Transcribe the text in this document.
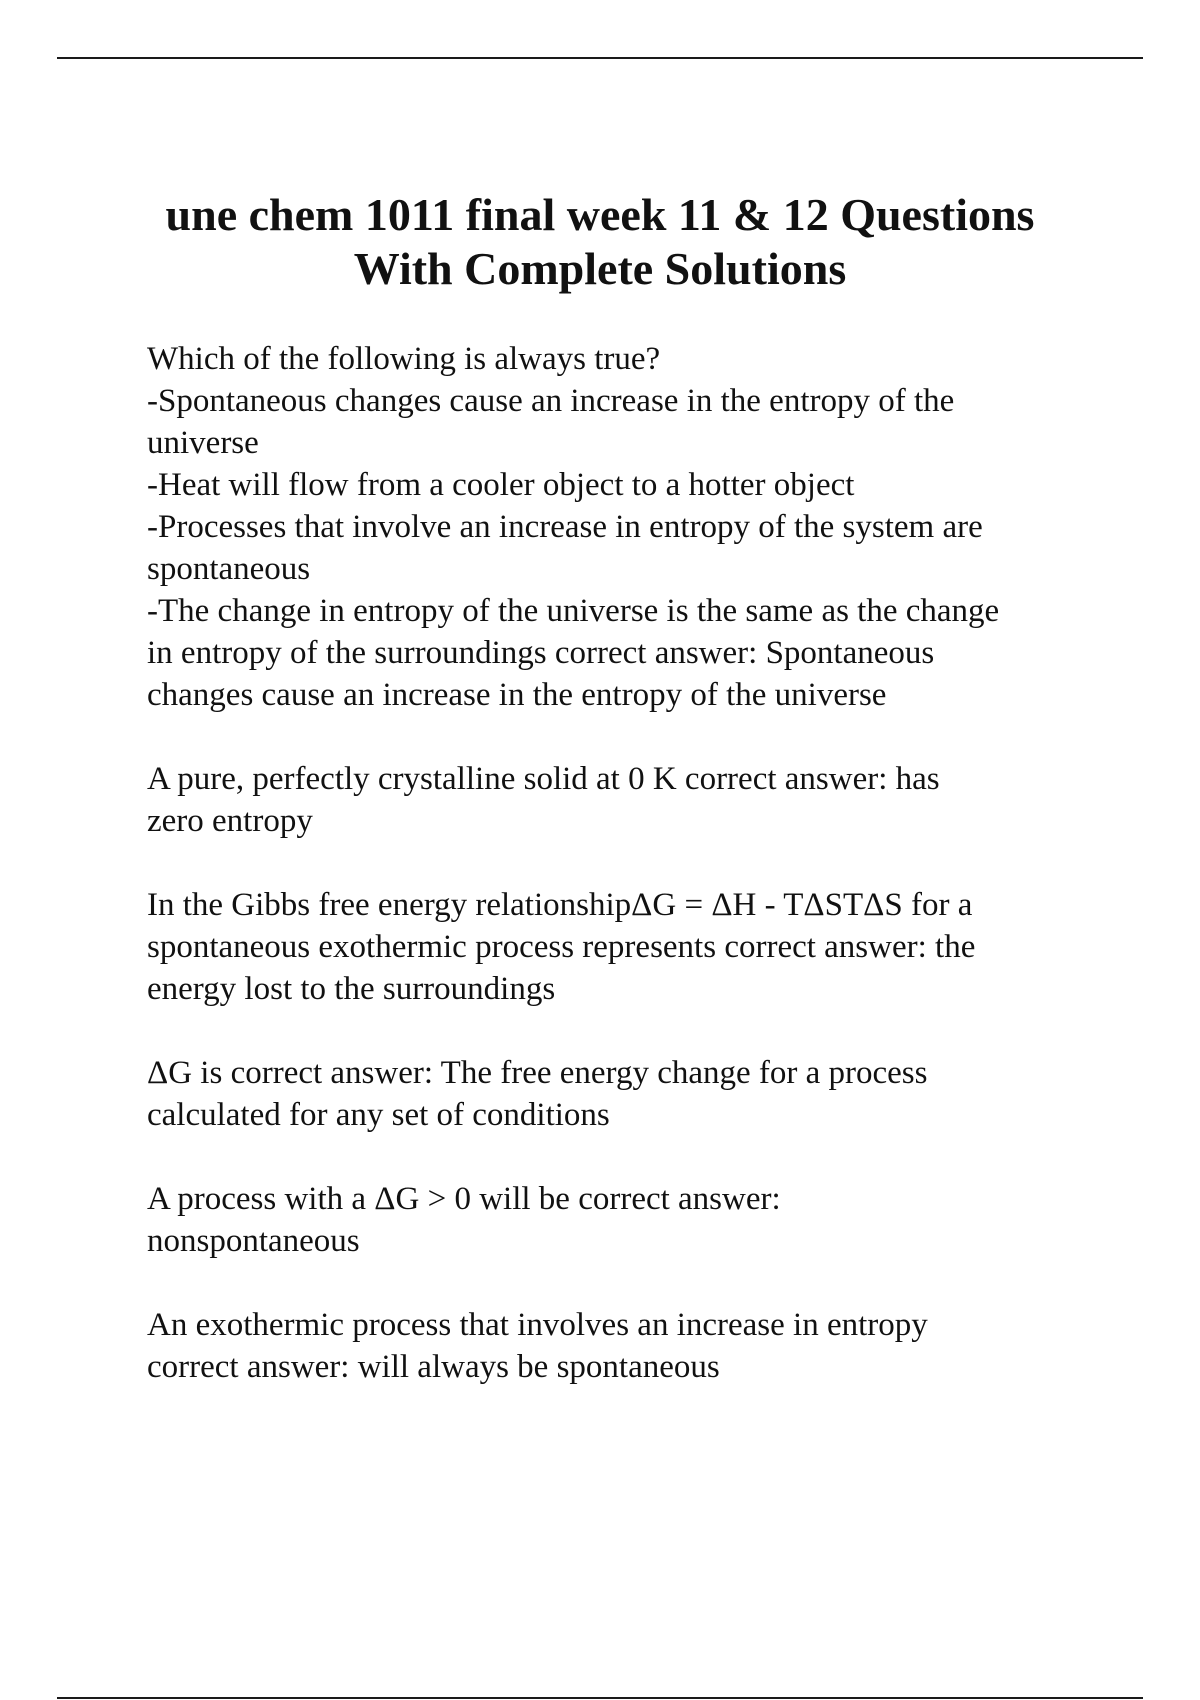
une chem 1011 final week 11 & 12 Questions
With Complete Solutions

Which of the following is always true?
-Spontaneous changes cause an increase in the entropy of the
universe
-Heat will flow from a cooler object to a hotter object
-Processes that involve an increase in entropy of the system are
spontaneous
-The change in entropy of the universe is the same as the change
in entropy of the surroundings correct answer: Spontaneous
changes cause an increase in the entropy of the universe

A pure, perfectly crystalline solid at 0 K correct answer: has
zero entropy

In the Gibbs free energy relationshipΔG = ΔH - TΔSTΔS for a
spontaneous exothermic process represents correct answer: the
energy lost to the surroundings

ΔG is correct answer: The free energy change for a process
calculated for any set of conditions

A process with a ΔG > 0 will be correct answer:
nonspontaneous

An exothermic process that involves an increase in entropy
correct answer: will always be spontaneous
